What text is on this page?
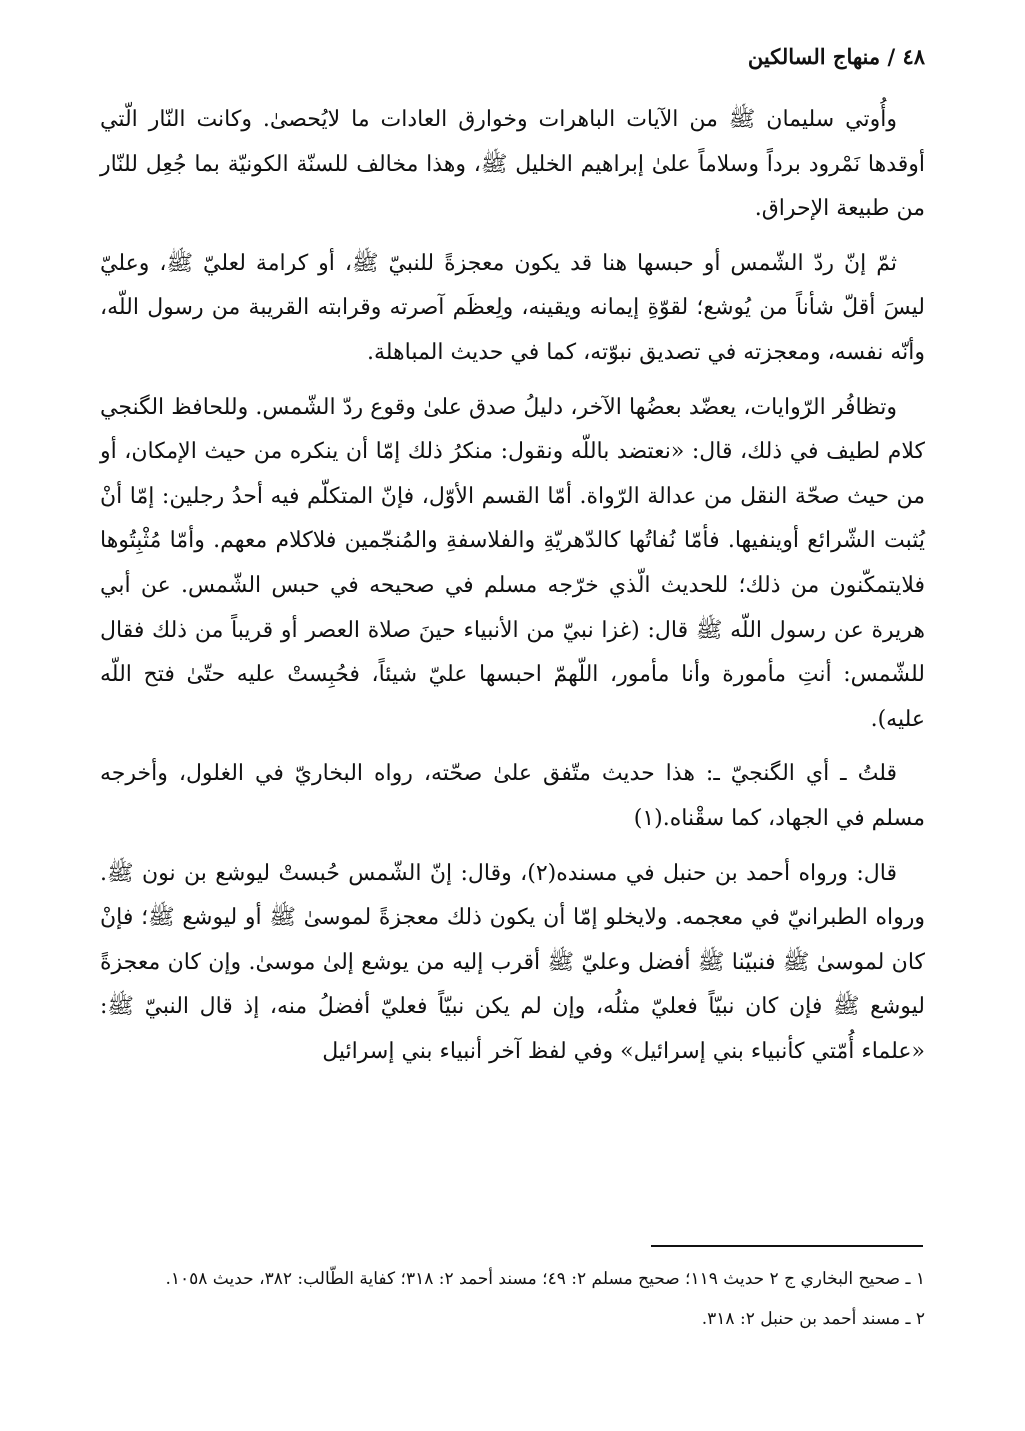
٤٨ / منهاج السالكين

وأُوتي سليمان ﷺ من الآيات الباهرات وخوارق العادات ما لايُحصىٰ. وكانت النّار الّتي أوقدها نَمْرود برداً وسلاماً علىٰ إبراهيم الخليل ﷺ، وهذا مخالف للسنّة الكونيّة بما جُعِل للنّار من طبيعة الإحراق.

ثمّ إنّ ردّ الشّمس أو حبسها هنا قد يكون معجزةً للنبيّ ﷺ، أو كرامة لعليّ ﷺ، وعليّ ليسَ أقلّ شأناً من يُوشع؛ لقوّةِ إيمانه ويقينه، ولِعظَم آصرته وقرابته القريبة من رسول اللّه، وأنّه نفسه، ومعجزته في تصديق نبوّته، كما في حديث المباهلة.

وتظافُر الرّوايات، يعضّد بعضُها الآخر، دليلُ صدق علىٰ وقوع ردّ الشّمس. وللحافظ الگنجي كلام لطيف في ذلك، قال: «نعتضد باللّه ونقول: منكرُ ذلك إمّا أن ينكره من حيث الإمكان، أو من حيث صحّة النقل من عدالة الرّواة. أمّا القسم الأوّل، فإنّ المتكلّم فيه أحدُ رجلين: إمّا أنْ يُثبت الشّرائع أوينفيها. فأمّا نُفاتُها كالدّهريّةِ والفلاسفةِ والمُنجّمين فلاكلام معهم. وأمّا مُثْبِتُوها فلايتمكّنون من ذلك؛ للحديث الّذي خرّجه مسلم في صحيحه في حبس الشّمس. عن أبي هريرة عن رسول اللّه ﷺ قال: (غزا نبيّ من الأنبياء حينَ صلاة العصر أو قريباً من ذلك فقال للشّمس: أنتِ مأمورة وأنا مأمور، اللّهمّ احبسها عليّ شيئاً، فحُبِستْ عليه حتّىٰ فتح اللّه عليه).

قلتُ ـ أي الگنجيّ ـ: هذا حديث متّفق علىٰ صحّته، رواه البخاريّ في الغلول، وأخرجه مسلم في الجهاد، كما سقْناه.(١)

قال: ورواه أحمد بن حنبل في مسنده(٢)، وقال: إنّ الشّمس حُبستْ ليوشع بن نون ﷺ. ورواه الطبرانيّ في معجمه. ولايخلو إمّا أن يكون ذلك معجزةً لموسىٰ ﷺ أو ليوشع ﷺ؛ فإنْ كان لموسىٰ ﷺ فنبيّنا ﷺ أفضل وعليّ ﷺ أقرب إليه من يوشع إلىٰ موسىٰ. وإن كان معجزةً ليوشع ﷺ فإن كان نبيّاً فعليّ مثلُه، وإن لم يكن نبيّاً فعليّ أفضلُ منه، إذ قال النبيّ ﷺ: «علماء أُمّتي كأنبياء بني إسرائيل» وفي لفظ آخر أنبياء بني إسرائيل

١ ـ صحيح البخاري ج ٢ حديث ١١٩؛ صحيح مسلم ٢: ٤٩؛ مسند أحمد ٢: ٣١٨؛ كفاية الطّالب: ٣٨٢، حديث ١٠٥٨.

٢ ـ مسند أحمد بن حنبل ٢: ٣١٨.
